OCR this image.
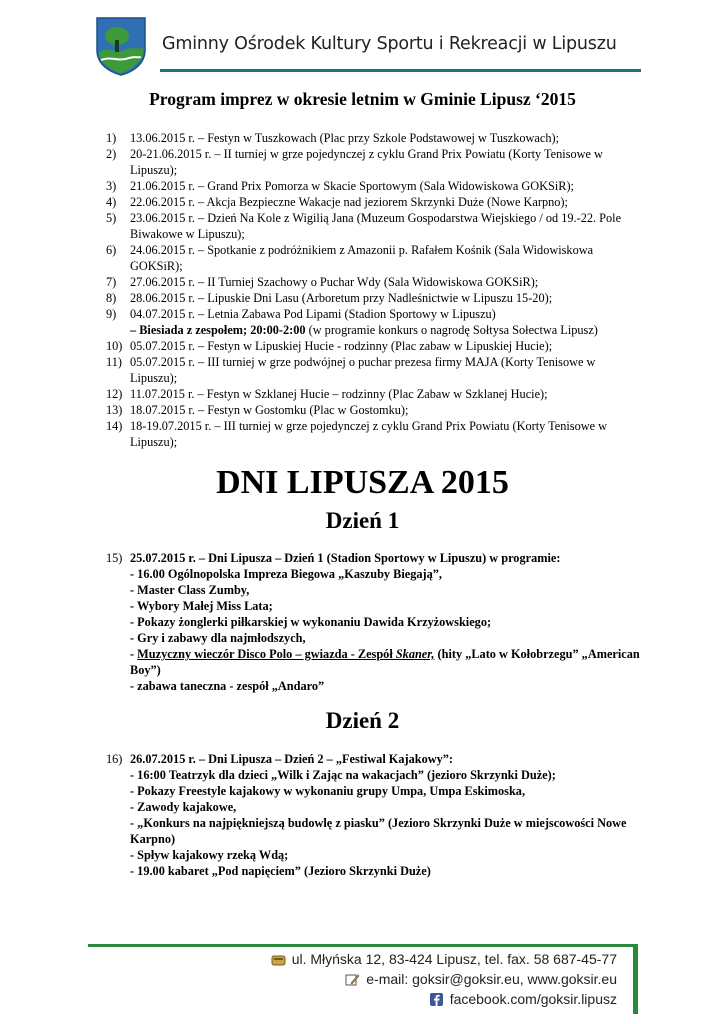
Gminny Ośrodek Kultury Sportu i Rekreacji w Lipuszu
Program imprez w okresie letnim w Gminie Lipusz ‘2015
1)	13.06.2015 r. – Festyn w Tuszkowach (Plac przy Szkole Podstawowej w Tuszkowach);
2)	20-21.06.2015 r. – II turniej w grze pojedynczej z cyklu Grand Prix Powiatu (Korty Tenisowe w Lipuszu);
3)	21.06.2015 r. – Grand Prix Pomorza w Skacie Sportowym (Sala Widowiskowa GOKSiR);
4)	22.06.2015 r. – Akcja Bezpieczne Wakacje nad jeziorem Skrzynki Duże (Nowe Karpno);
5)	23.06.2015 r. – Dzień Na Kole z Wigilią Jana (Muzeum Gospodarstwa Wiejskiego / od 19.-22. Pole Biwakowe w Lipuszu);
6)	24.06.2015 r. – Spotkanie z podróżnikiem z Amazonii p. Rafałem Kośnik (Sala Widowiskowa GOKSiR);
7)	27.06.2015 r. – II Turniej Szachowy o Puchar Wdy (Sala Widowiskowa GOKSiR);
8)	28.06.2015 r. – Lipuskie Dni Lasu (Arboretum przy Nadleśnictwie w Lipuszu 15-20);
9)	04.07.2015 r. – Letnia Zabawa Pod Lipami (Stadion Sportowy w Lipuszu)
– Biesiada z zespołem; 20:00-2:00 (w programie konkurs o nagrodę Sołtysa Sołectwa Lipusz)
10) 05.07.2015 r. – Festyn w Lipuskiej Hucie - rodzinny (Plac zabaw w Lipuskiej Hucie);
11) 05.07.2015 r. – III turniej w grze podwójnej o puchar prezesa firmy MAJA (Korty Tenisowe w Lipuszu);
12) 11.07.2015 r. – Festyn w Szklanej Hucie – rodzinny (Plac Zabaw w Szklanej Hucie);
13) 18.07.2015 r. – Festyn w Gostomku (Plac w Gostomku);
14) 18-19.07.2015 r. – III turniej w grze pojedynczej z cyklu Grand Prix Powiatu (Korty Tenisowe w Lipuszu);
DNI LIPUSZA 2015
Dzień 1
15) 25.07.2015 r. – Dni Lipusza – Dzień 1 (Stadion Sportowy w Lipuszu) w programie:
- 16.00 Ogólnopolska Impreza Biegowa „Kaszuby Biegają”,
- Master Class Zumby,
- Wybory Małej Miss Lata;
- Pokazy żonglerki piłkarskiej w wykonaniu Dawida Krzyżowskiego;
- Gry i zabawy dla najmłodszych,
- Muzyczny wieczór Disco Polo – gwiazda - Zespół Skaner, (hity „Lato w Kołobrzegu” „American Boy”)
- zabawa taneczna - zespół „Andaro”
Dzień 2
16) 26.07.2015 r. – Dni Lipusza – Dzień 2 – „Festiwal Kajakowy”:
- 16:00 Teatrzyk dla dzieci „Wilk i Zając na wakacjach” (jezioro Skrzynki Duże);
- Pokazy Freestyle kajakowy w wykonaniu grupy Umpa, Umpa Eskimoska,
- Zawody kajakowe,
- „Konkurs na najpiękniejszą budowlę z piasku” (Jezioro Skrzynki Duże w miejscowości Nowe Karpno)
- Spływ kajakowy rzeką Wdą;
- 19.00 kabaret „Pod napięciem” (Jezioro Skrzynki Duże)
ul. Młyńska 12, 83-424 Lipusz, tel. fax. 58 687-45-77
e-mail: goksir@goksir.eu, www.goksir.eu
facebook.com/goksir.lipusz
